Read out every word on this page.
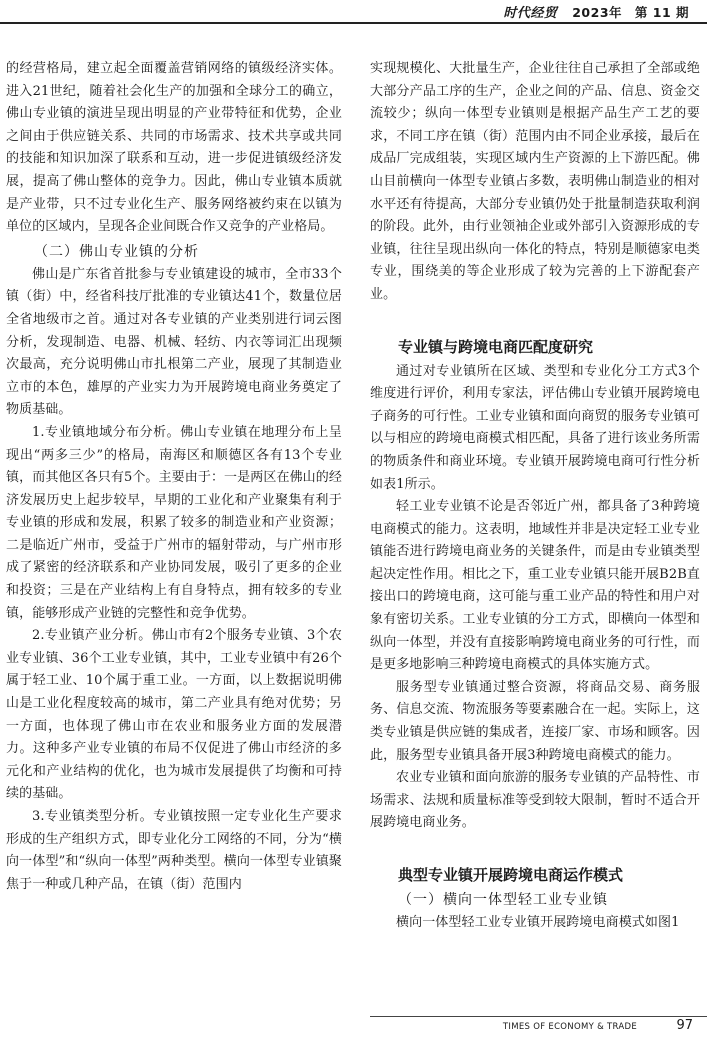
时代经贸 2023年 第 11 期

的经营格局，建立起全面覆盖营销网络的镇级经济实体。进入21世纪，随着社会化生产的加强和全球分工的确立，佛山专业镇的演进呈现出明显的产业带特征和优势，企业之间由于供应链关系、共同的市场需求、技术共享或共同的技能和知识加深了联系和互动，进一步促进镇级经济发展，提高了佛山整体的竞争力。因此，佛山专业镇本质就是产业带，只不过专业化生产、服务网络被约束在以镇为单位的区域内，呈现各企业间既合作又竞争的产业格局。

（二）佛山专业镇的分析

佛山是广东省首批参与专业镇建设的城市，全市33个镇（街）中，经省科技厅批准的专业镇达41个，数量位居全省地级市之首。通过对各专业镇的产业类别进行词云图分析，发现制造、电器、机械、轻纺、内衣等词汇出现频次最高，充分说明佛山市扎根第二产业，展现了其制造业立市的本色，雄厚的产业实力为开展跨境电商业务奠定了物质基础。

1.专业镇地域分布分析。佛山专业镇在地理分布上呈现出“两多三少”的格局，南海区和顺德区各有13个专业镇，而其他区各只有5个。主要由于：一是两区在佛山的经济发展历史上起步较早，早期的工业化和产业聚集有利于专业镇的形成和发展，积累了较多的制造业和产业资源；二是临近广州市，受益于广州市的辐射带动，与广州市形成了紧密的经济联系和产业协同发展，吸引了更多的企业和投资；三是在产业结构上有自身特点，拥有较多的专业镇，能够形成产业链的完整性和竞争优势。

2.专业镇产业分析。佛山市有2个服务专业镇、3个农业专业镇、36个工业专业镇，其中，工业专业镇中有26个属于轻工业、10个属于重工业。一方面，以上数据说明佛山是工业化程度较高的城市，第二产业具有绝对优势；另一方面，也体现了佛山市在农业和服务业方面的发展潜力。这种多产业专业镇的布局不仅促进了佛山市经济的多元化和产业结构的优化，也为城市发展提供了均衡和可持续的基础。

3.专业镇类型分析。专业镇按照一定专业化生产要求形成的生产组织方式，即专业化分工网络的不同，分为“横向一体型”和“纵向一体型”两种类型。横向一体型专业镇聚焦于一种或几种产品，在镇（街）范围内

实现规模化、大批量生产，企业往往自己承担了全部或绝大部分产品工序的生产，企业之间的产品、信息、资金交流较少；纵向一体型专业镇则是根据产品生产工艺的要求，不同工序在镇（街）范围内由不同企业承接，最后在成品厂完成组装，实现区域内生产资源的上下游匹配。佛山目前横向一体型专业镇占多数，表明佛山制造业的相对水平还有待提高，大部分专业镇仍处于批量制造获取利润的阶段。此外，由行业领袖企业或外部引入资源形成的专业镇，往往呈现出纵向一体化的特点，特别是顺德家电类专业，围绕美的等企业形成了较为完善的上下游配套产业。

专业镇与跨境电商匹配度研究

通过对专业镇所在区域、类型和专业化分工方式3个维度进行评价，利用专家法，评估佛山专业镇开展跨境电子商务的可行性。工业专业镇和面向商贸的服务专业镇可以与相应的跨境电商模式相匹配，具备了进行该业务所需的物质条件和商业环境。专业镇开展跨境电商可行性分析如表1所示。

轻工业专业镇不论是否邻近广州，都具备了3种跨境电商模式的能力。这表明，地域性并非是决定轻工业专业镇能否进行跨境电商业务的关键条件，而是由专业镇类型起决定性作用。相比之下，重工业专业镇只能开展B2B直接出口的跨境电商，这可能与重工业产品的特性和用户对象有密切关系。工业专业镇的分工方式，即横向一体型和纵向一体型，并没有直接影响跨境电商业务的可行性，而是更多地影响三种跨境电商模式的具体实施方式。

服务型专业镇通过整合资源，将商品交易、商务服务、信息交流、物流服务等要素融合在一起。实际上，这类专业镇是供应链的集成者，连接厂家、市场和顾客。因此，服务型专业镇具备开展3种跨境电商模式的能力。

农业专业镇和面向旅游的服务专业镇的产品特性、市场需求、法规和质量标准等受到较大限制，暂时不适合开展跨境电商业务。

典型专业镇开展跨境电商运作模式
（一）横向一体型轻工业专业镇

横向一体型轻工业专业镇开展跨境电商模式如图1

TIMES OF ECONOMY & TRADE	97
